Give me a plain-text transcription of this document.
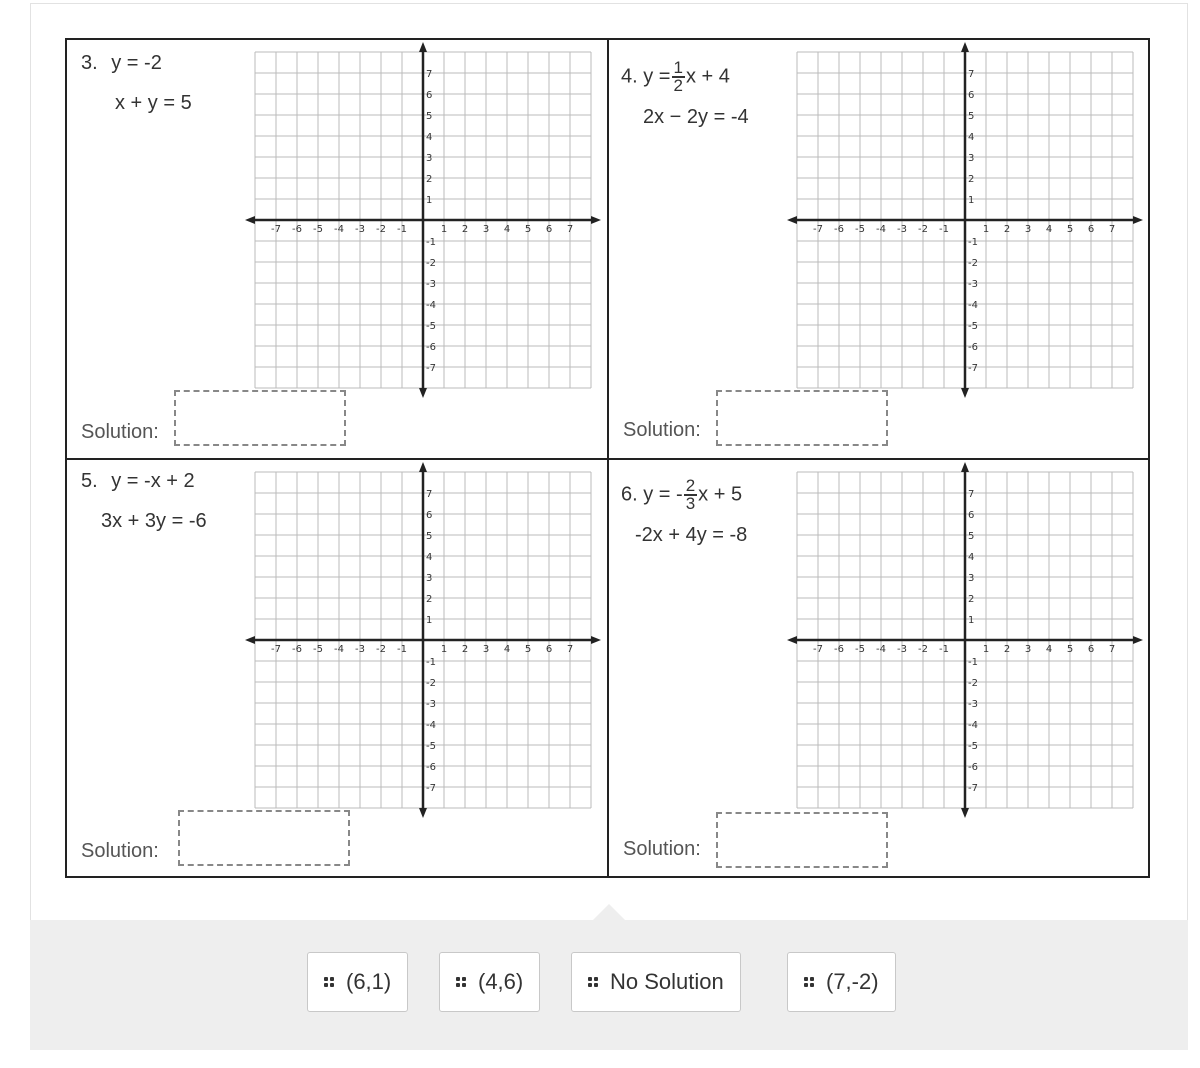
3. y = -2
x + y = 5
-7 -6 -5 -4 -3 -2 -1	1 2 3 4 5 6 7
7
6
5
4
3
2
1
-1
-2
-3
-4
-5
-6
-7
Solution:
4. $y = \frac{1}{2}$ x + 4
2x − 2y = -4
-7 -6 -5 -4 -3 -2 -1	1 2 3 4 5 6 7
7
6
5
4
3
2
1
-1
-2
-3
-4
-5
-6
-7
Solution:
5. y = -x + 2
3x + 3y = -6
-7 -6 -5 -4 -3 -2 -1	1 2 3 4 5 6 7
7
6
5
4
3
2
1
-1
-2
-3
-4
-5
-6
-7
Solution:
6. y = - $\frac{2}{3}$ x + 5
-2x + 4y = -8
-7 -6 -5 -4 -3 -2 -1	1 2 3 4 5 6 7
7
6
5
4
3
2
1
-1
-2
-3
-4
-5
-6
-7
Solution:
(6,1)	(4,6)	No Solution	(7,-2)
